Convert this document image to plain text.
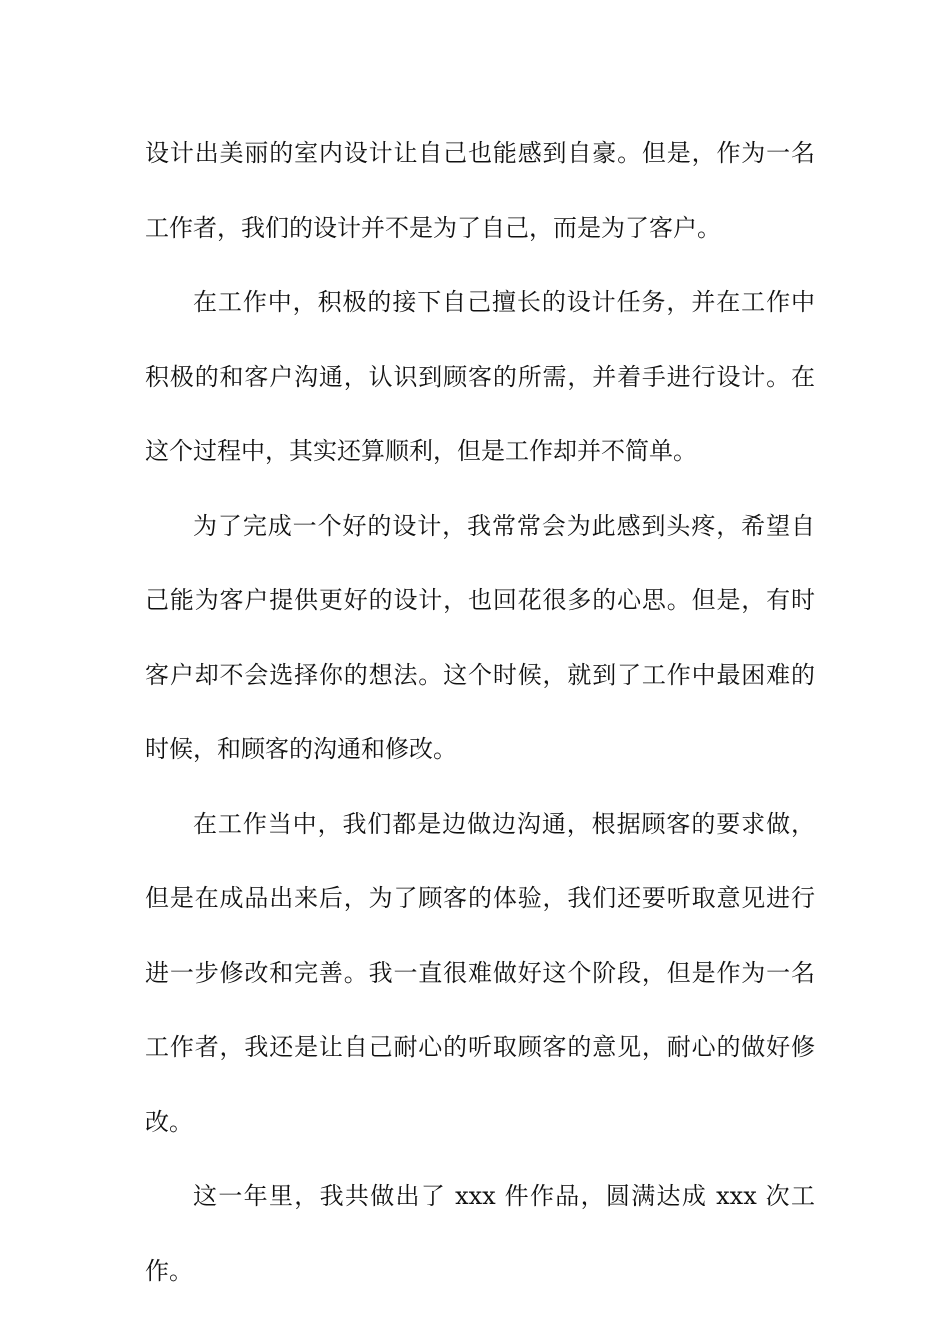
设计出美丽的室内设计让自己也能感到自豪。但是，作为一名工作者，我们的设计并不是为了自己，而是为了客户。

在工作中，积极的接下自己擅长的设计任务，并在工作中积极的和客户沟通，认识到顾客的所需，并着手进行设计。在这个过程中，其实还算顺利，但是工作却并不简单。

为了完成一个好的设计，我常常会为此感到头疼，希望自己能为客户提供更好的设计，也回花很多的心思。但是，有时客户却不会选择你的想法。这个时候，就到了工作中最困难的时候，和顾客的沟通和修改。

在工作当中，我们都是边做边沟通，根据顾客的要求做，但是在成品出来后，为了顾客的体验，我们还要听取意见进行进一步修改和完善。我一直很难做好这个阶段，但是作为一名工作者，我还是让自己耐心的听取顾客的意见，耐心的做好修改。

这一年里，我共做出了 xxx 件作品，圆满达成 xxx 次工作。
